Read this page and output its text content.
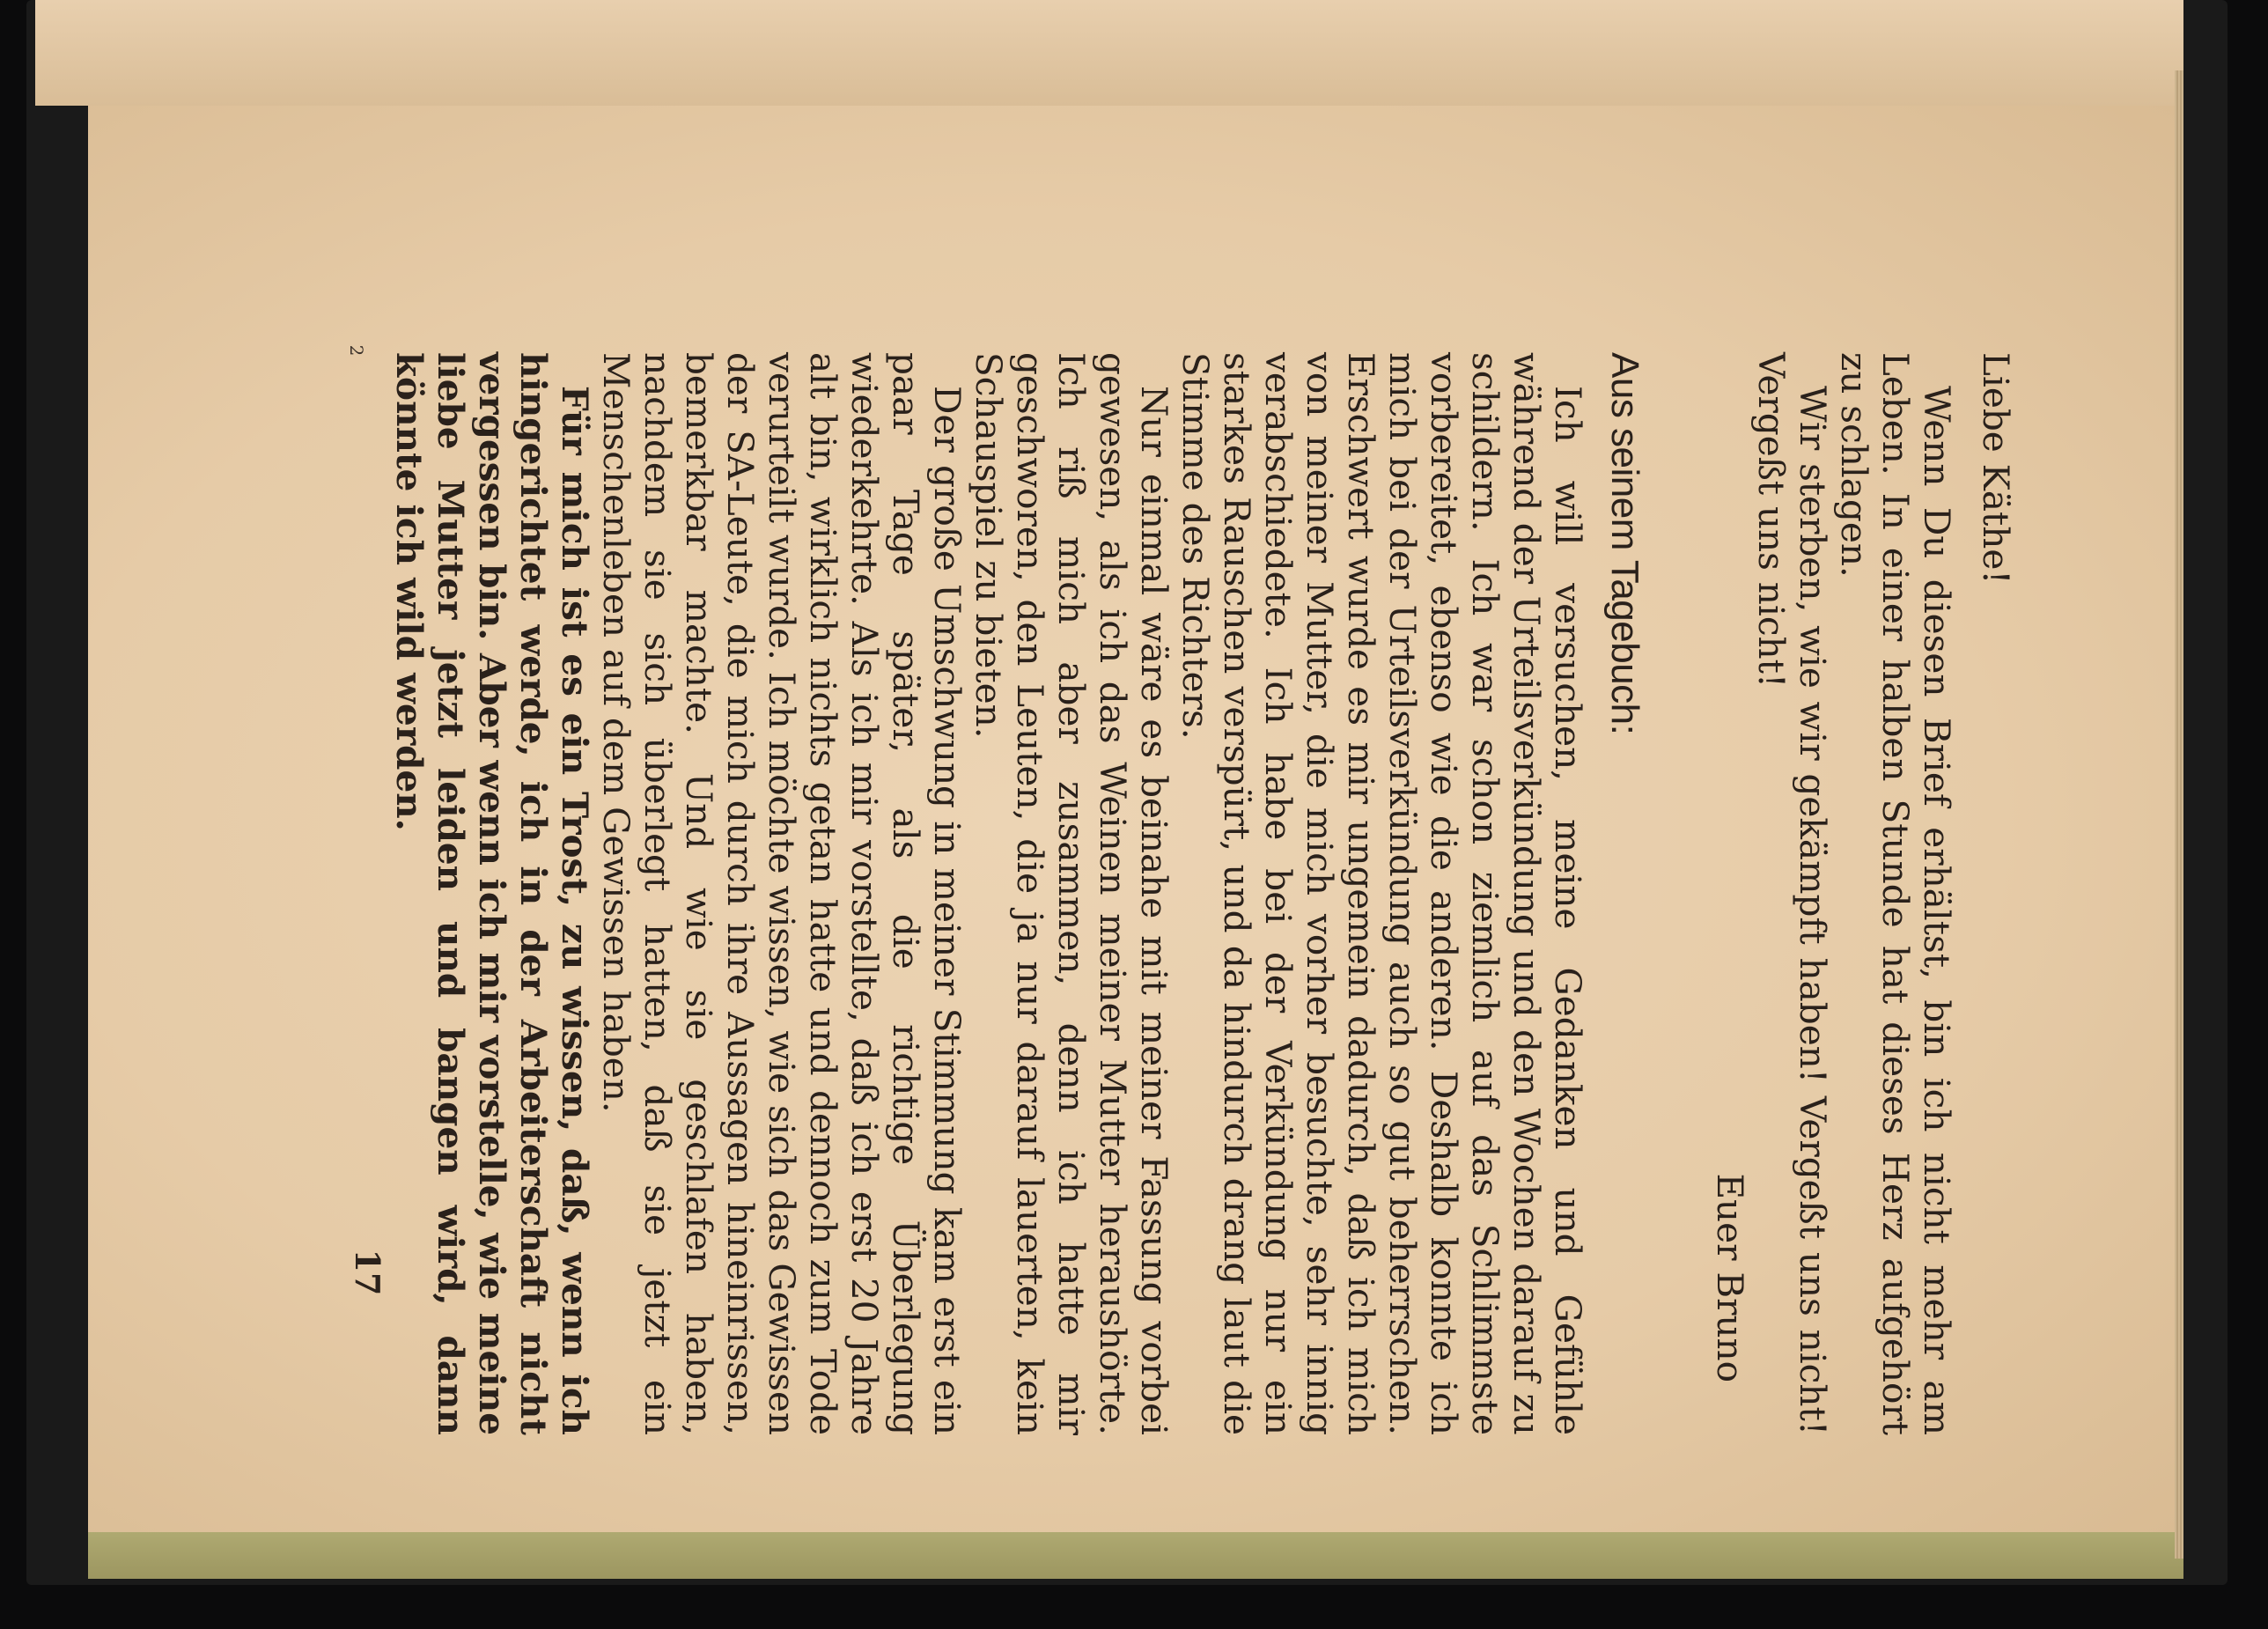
Liebe Käthe!

Wenn Du diesen Brief erhältst, bin ich nicht mehr am Leben. In einer halben Stunde hat dieses Herz aufgehört zu schlagen.

Wir sterben, wie wir gekämpft haben! Vergeßt uns nicht! Vergeßt uns nicht!

Euer Bruno

Aus seinem Tagebuch:

Ich will versuchen, meine Gedanken und Gefühle während der Urteilsverkündung und den Wochen darauf zu schildern. Ich war schon ziemlich auf das Schlimmste vorbereitet, ebenso wie die anderen. Deshalb konnte ich mich bei der Urteilsverkündung auch so gut beherrschen. Erschwert wurde es mir ungemein dadurch, daß ich mich von meiner Mutter, die mich vorher besuchte, sehr innig verabschiedete. Ich habe bei der Verkündung nur ein starkes Rauschen verspürt, und da hindurch drang laut die Stimme des Richters.

Nur einmal wäre es beinahe mit meiner Fassung vorbei gewesen, als ich das Weinen meiner Mutter heraushörte. Ich riß mich aber zusammen, denn ich hatte mir geschworen, den Leuten, die ja nur darauf lauerten, kein Schauspiel zu bieten.

Der große Umschwung in meiner Stimmung kam erst ein paar Tage später, als die richtige Überlegung wiederkehrte. Als ich mir vorstellte, daß ich erst 20 Jahre alt bin, wirklich nichts getan hatte und dennoch zum Tode verurteilt wurde. Ich möchte wissen, wie sich das Gewissen der SA-Leute, die mich durch ihre Aussagen hineinrissen, bemerkbar machte. Und wie sie geschlafen haben, nachdem sie sich überlegt hatten, daß sie jetzt ein Menschenleben auf dem Gewissen haben.

Für mich ist es ein Trost, zu wissen, daß, wenn ich hingerichtet werde, ich in der Arbeiterschaft nicht vergessen bin. Aber wenn ich mir vorstelle, wie meine liebe Mutter jetzt leiden und bangen wird, dann könnte ich wild werden.

2
17
